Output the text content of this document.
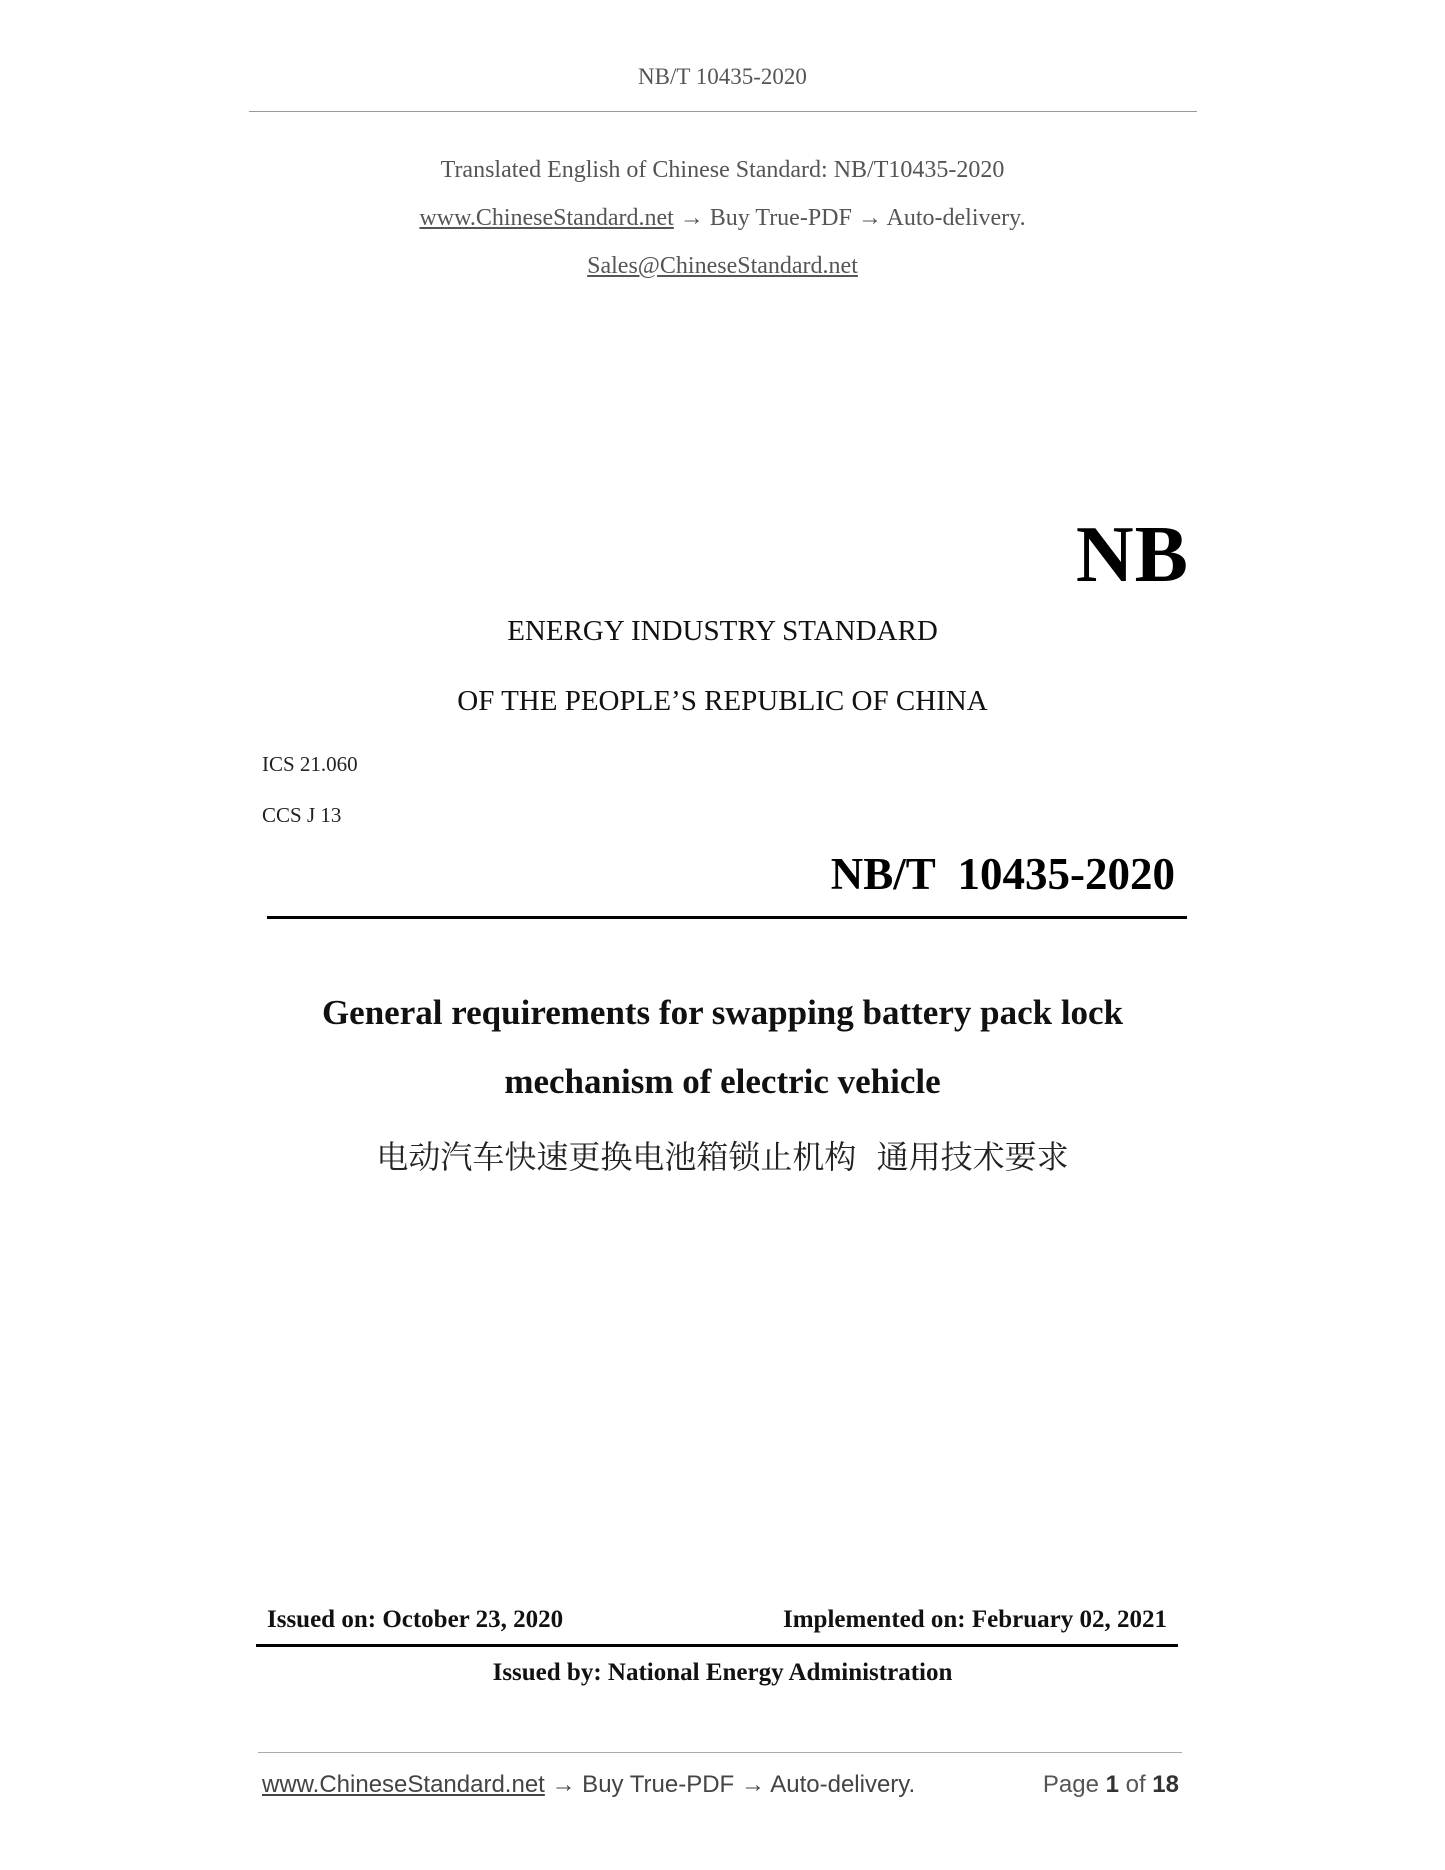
NB/T 10435-2020
Translated English of Chinese Standard: NB/T10435-2020
www.ChineseStandard.net → Buy True-PDF → Auto-delivery.
Sales@ChineseStandard.net
NB
ENERGY INDUSTRY STANDARD
OF THE PEOPLE’S REPUBLIC OF CHINA
ICS 21.060
CCS J 13
NB/T  10435-2020
General requirements for swapping battery pack lock
mechanism of electric vehicle
电动汽车快速更换电池箱锁止机构  通用技术要求
Issued on: October 23, 2020	Implemented on: February 02, 2021
Issued by: National Energy Administration
www.ChineseStandard.net → Buy True-PDF → Auto-delivery.	Page 1 of 18
